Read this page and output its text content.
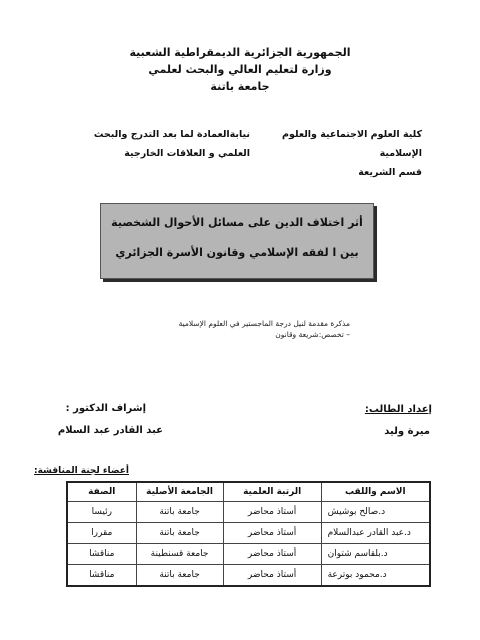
الجمهورية الجزائرية الديمقراطية الشعبية
وزارة لتعليم العالي والبحث لعلمي
جامعة باتنة
كلية العلوم الاجتماعية والعلوم الإسلامية
قسم الشريعة
نيابةالعمادة لما بعد التدرج والبحث
العلمي و العلاقات الخارجية
أثر اختلاف الدين على مسائل الأحوال الشخصية
بين ا لفقه الإسلامي وقانون الأسرة الجزائري
مذكرة مقدمة لنيل درجة الماجستير في العلوم الإسلامية
– تخصص:شريعة وقانون
إعداد الطالب:
ميرة وليد
إشراف الدكتور :
عبد القادر عبد السلام
أعضاء لجنة المناقشة:
الاسم واللقب	الرتبة العلمية	الجامعة الأصلية	الصفة
د.صالح بوشيش	أستاذ محاضر	جامعة باتنة	رئيسا
د.عبد القادر عبدالسلام	أستاذ محاضر	جامعة باتنة	مقررا
د.بلقاسم شتوان	أستاذ محاضر	جامعة قسنطينة	مناقشا
د.محمود بوترعة	أستاذ محاضر	جامعة باتنة	مناقشا
